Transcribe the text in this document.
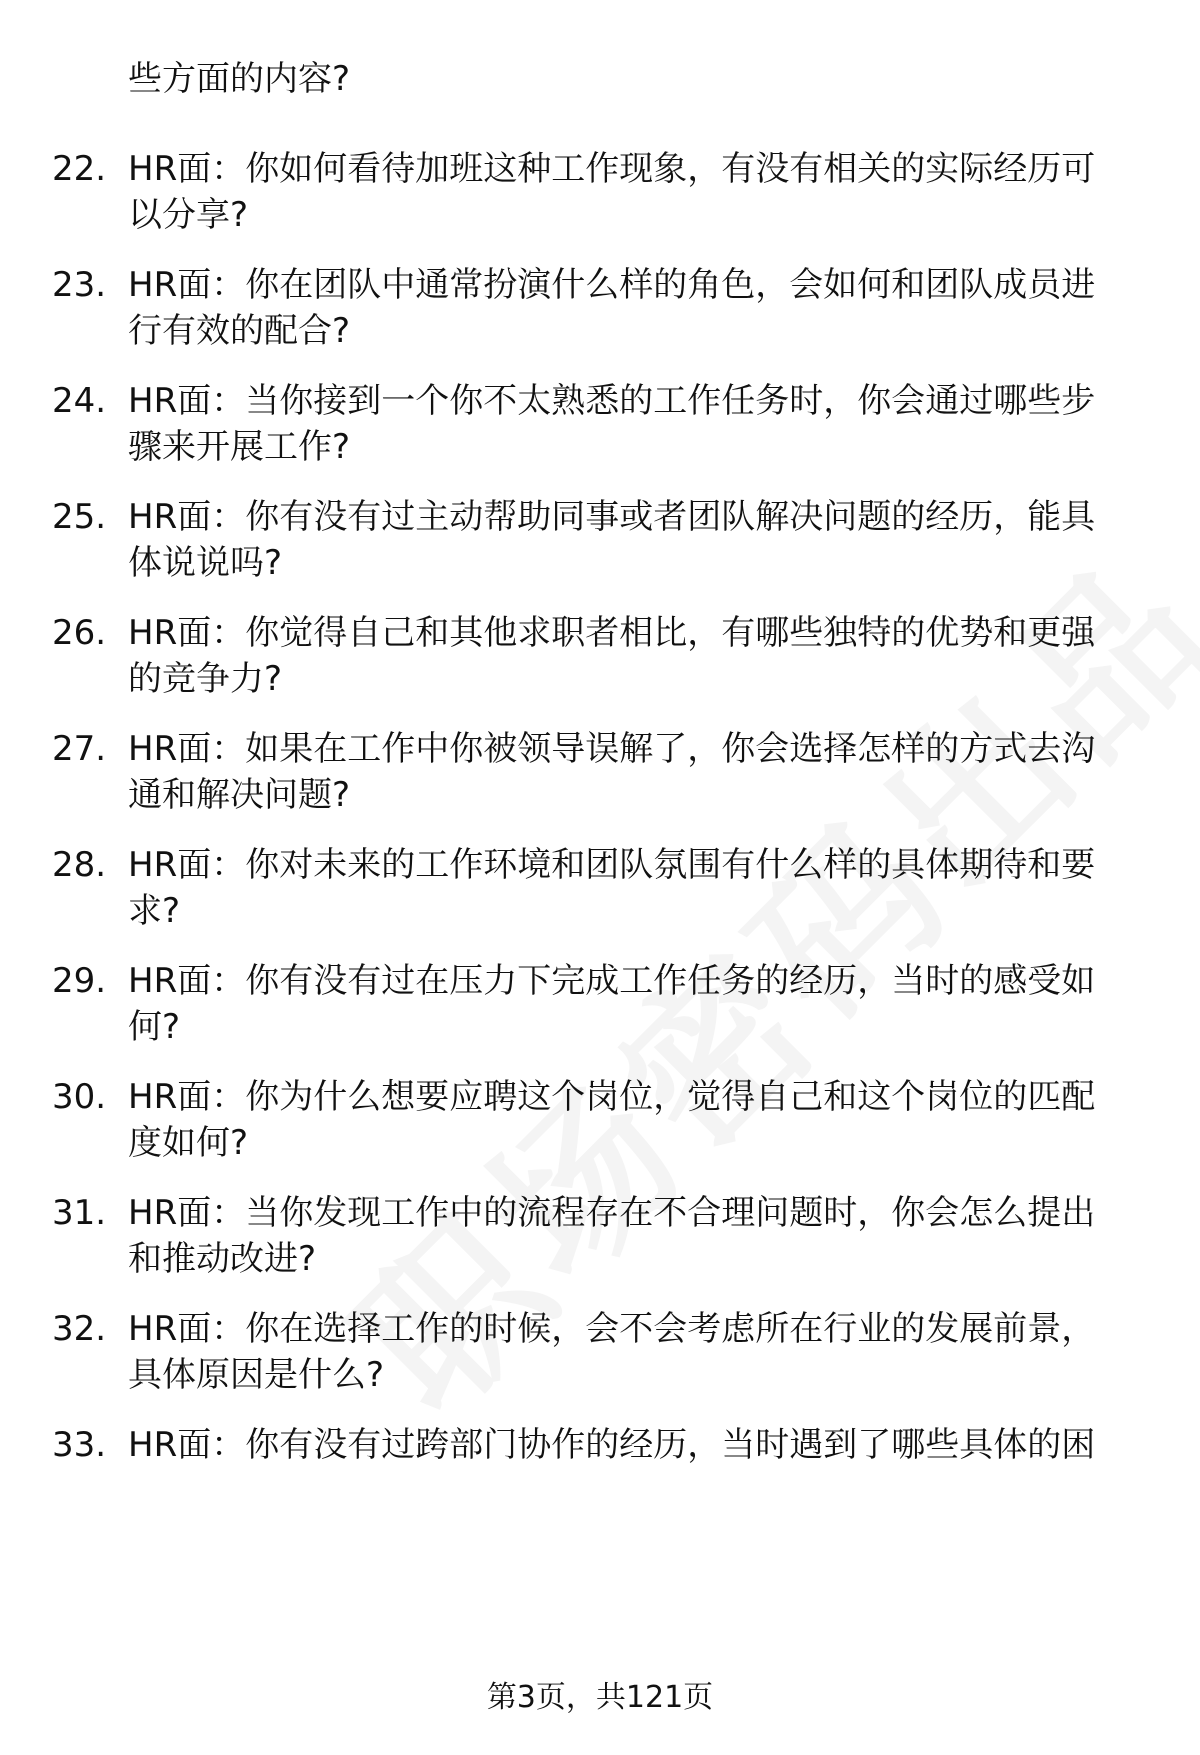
些方面的内容?
22. HR面：你如何看待加班这种工作现象，有没有相关的实际经历可
以分享?
23. HR面：你在团队中通常扮演什么样的角色，会如何和团队成员进
行有效的配合?
24. HR面：当你接到一个你不太熟悉的工作任务时，你会通过哪些步
骤来开展工作?
25. HR面：你有没有过主动帮助同事或者团队解决问题的经历，能具
体说说吗?
26. HR面：你觉得自己和其他求职者相比，有哪些独特的优势和更强
的竞争力?
27. HR面：如果在工作中你被领导误解了，你会选择怎样的方式去沟
通和解决问题?
28. HR面：你对未来的工作环境和团队氛围有什么样的具体期待和要
求?
29. HR面：你有没有过在压力下完成工作任务的经历，当时的感受如
何?
30. HR面：你为什么想要应聘这个岗位，觉得自己和这个岗位的匹配
度如何?
31. HR面：当你发现工作中的流程存在不合理问题时，你会怎么提出
和推动改进?
32. HR面：你在选择工作的时候，会不会考虑所在行业的发展前景，
具体原因是什么?
33. HR面：你有没有过跨部门协作的经历，当时遇到了哪些具体的困
第3页，共121页
